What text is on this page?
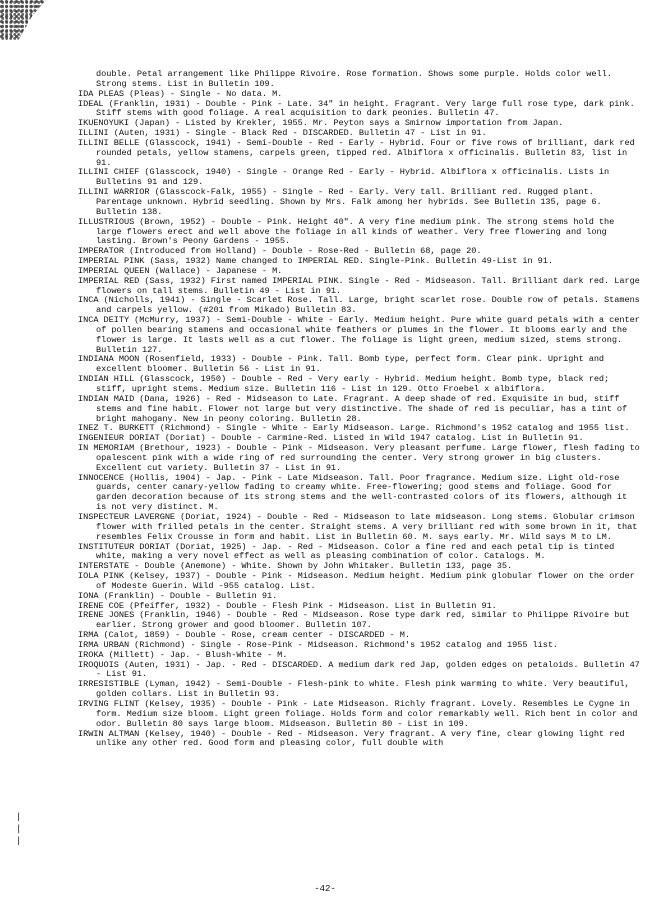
double. Petal arrangement like Philippe Rivoire. Rose formation. Shows some purple. Holds color well. Strong stems. List in Bulletin 109.

IDA PLEAS (Pleas) - Single - No data. M.

IDEAL (Franklin, 1931) - Double - Pink - Late. 34" in height. Fragrant. Very large full rose type, dark pink. Stiff stems with good foliage. A real acquisition to dark peonies. Bulletin 47.

IKUENOYUKI (Japan) - Listed by Krekler, 1955. Mr. Peyton says a Smirnow importation from Japan.

ILLINI (Auten, 1931) - Single - Black Red - DISCARDED. Bulletin 47 - List in 91.

ILLINI BELLE (Glasscock, 1941) - Semi-Double - Red - Early - Hybrid. Four or five rows of brilliant, dark red rounded petals, yellow stamens, carpels green, tipped red. Albiflora x officinalis. Bulletin 83, list in 91.

ILLINI CHIEF (Glasscock, 1940) - Single - Orange Red - Early - Hybrid. Albiflora x officinalis. Lists in Bulletins 91 and 129.

ILLINI WARRIOR (Glasscock-Falk, 1955) - Single - Red - Early. Very tall. Brilliant red. Rugged plant. Parentage unknown. Hybrid seedling. Shown by Mrs. Falk among her hybrids. See Bulletin 135, page 6. Bulletin 138.

ILLUSTRIOUS (Brown, 1952) - Double - Pink. Height 40". A very fine medium pink. The strong stems hold the large flowers erect and well above the foliage in all kinds of weather. Very free flowering and long lasting. Brown's Peony Gardens - 1955.

IMPERATOR (Introduced from Holland) - Double - Rose-Red - Bulletin 68, page 20.

IMPERIAL PINK (Sass, 1932) Name changed to IMPERIAL RED. Single-Pink. Bulletin 49-List in 91.

IMPERIAL QUEEN (Wallace) - Japanese - M.

IMPERIAL RED (Sass, 1932) First named IMPERIAL PINK. Single - Red - Midseason. Tall. Brilliant dark red. Large flowers on tall stems. Bulletin 49 - List in 91.

INCA (Nicholls, 1941) - Single - Scarlet Rose. Tall. Large, bright scarlet rose. Double row of petals. Stamens and carpels yellow. (#201 from Mikado) Bulletin 83.

INCA DEITY (McMurry, 1937) - Semi-Double - White - Early. Medium height. Pure white guard petals with a center of pollen bearing stamens and occasional white feathers or plumes in the flower. It blooms early and the flower is large. It lasts well as a cut flower. The foliage is light green, medium sized, stems strong. Bulletin 127.

INDIANA MOON (Rosenfield, 1933) - Double - Pink. Tall. Bomb type, perfect form. Clear pink. Upright and excellent bloomer. Bulletin 56 - List in 91.

INDIAN HILL (Glasscock, 1950) - Double - Red - Very early - Hybrid. Medium height. Bomb type, black red; stiff, upright stems. Medium size. Bulletin 116 - List in 129. Otto Froebel x albiflora.

INDIAN MAID (Dana, 1926) - Red - Midseason to Late. Fragrant. A deep shade of red. Exquisite in bud, stiff stems and fine habit. Flower not large but very distinctive. The shade of red is peculiar, has a tint of bright mahogany. New in peony coloring. Bulletin 28.

INEZ T. BURKETT (Richmond) - Single - White - Early Midseason. Large. Richmond's 1952 catalog and 1955 list.

INGENIEUR DORIAT (Doriat) - Double - Carmine-Red. Listed in Wild 1947 catalog. List in Bulletin 91.

IN MEMORIAM (Brethour, 1923) - Double - Pink - Midseason. Very pleasant perfume. Large flower, flesh fading to opalescent pink with a wide ring of red surrounding the center. Very strong grower in big clusters. Excellent cut variety. Bulletin 37 - List in 91.

INNOCENCE (Hollis, 1904) - Jap. - Pink - Late Midseason. Tall. Poor fragrance. Medium size. Light old-rose guards, center canary-yellow fading to creamy white. Free-flowering; good stems and foliage. Good for garden decoration because of its strong stems and the well-contrasted colors of its flowers, although it is not very distinct. M.

INSPECTEUR LAVERGNE (Doriat, 1924) - Double - Red - Midseason to late midseason. Long stems. Globular crimson flower with frilled petals in the center. Straight stems. A very brilliant red with some brown in it, that resembles Felix Crousse in form and habit. List in Bulletin 60. M. says early. Mr. Wild says M to LM.

INSTITUTEUR DORIAT (Doriat, 1925) - Jap. - Red - Midseason. Color a fine red and each petal tip is tinted white, making a very novel effect as well as pleasing combination of color. Catalogs. M.

INTERSTATE - Double (Anemone) - White. Shown by John Whitaker. Bulletin 133, page 35.

IOLA PINK (Kelsey, 1937) - Double - Pink - Midseason. Medium height. Medium pink globular flower on the order of Modeste Guerin. Wild -955 catalog. List.

IONA (Franklin) - Double - Bulletin 91.

IRENE COE (Pfeiffer, 1932) - Double - Flesh Pink - Midseason. List in Bulletin 91.

IRENE JONES (Franklin, 1946) - Double - Red - Midseason. Rose type dark red, similar to Philippe Rivoire but earlier. Strong grower and good bloomer. Bulletin 107.

IRMA (Calot, 1859) - Double - Rose, cream center - DISCARDED - M.

IRMA URBAN (Richmond) - Single - Rose-Pink - Midseason. Richmond's 1952 catalog and 1955 list.

IROKA (Millett) - Jap. - Blush-White - M.

IROQUOIS (Auten, 1931) - Jap. - Red - DISCARDED. A medium dark red Jap, golden edges on petaloids. Bulletin 47 - List 91.

IRRESISTIBLE (Lyman, 1942) - Semi-Double - Flesh-pink to white. Flesh pink warming to white. Very beautiful, golden collars. List in Bulletin 93.

IRVING FLINT (Kelsey, 1935) - Double - Pink - Late Midseason. Richly fragrant. Lovely. Resembles Le Cygne in form. Medium size bloom. Light green foliage. Holds form and color remarkably well. Rich bent in color and odor. Bulletin 80 says large bloom. Midseason. Bulletin 80 - List in 109.

IRWIN ALTMAN (Kelsey, 1940) - Double - Red - Midseason. Very fragrant. A very fine, clear glowing light red unlike any other red. Good form and pleasing color, full double with

|
|
|
-42-
